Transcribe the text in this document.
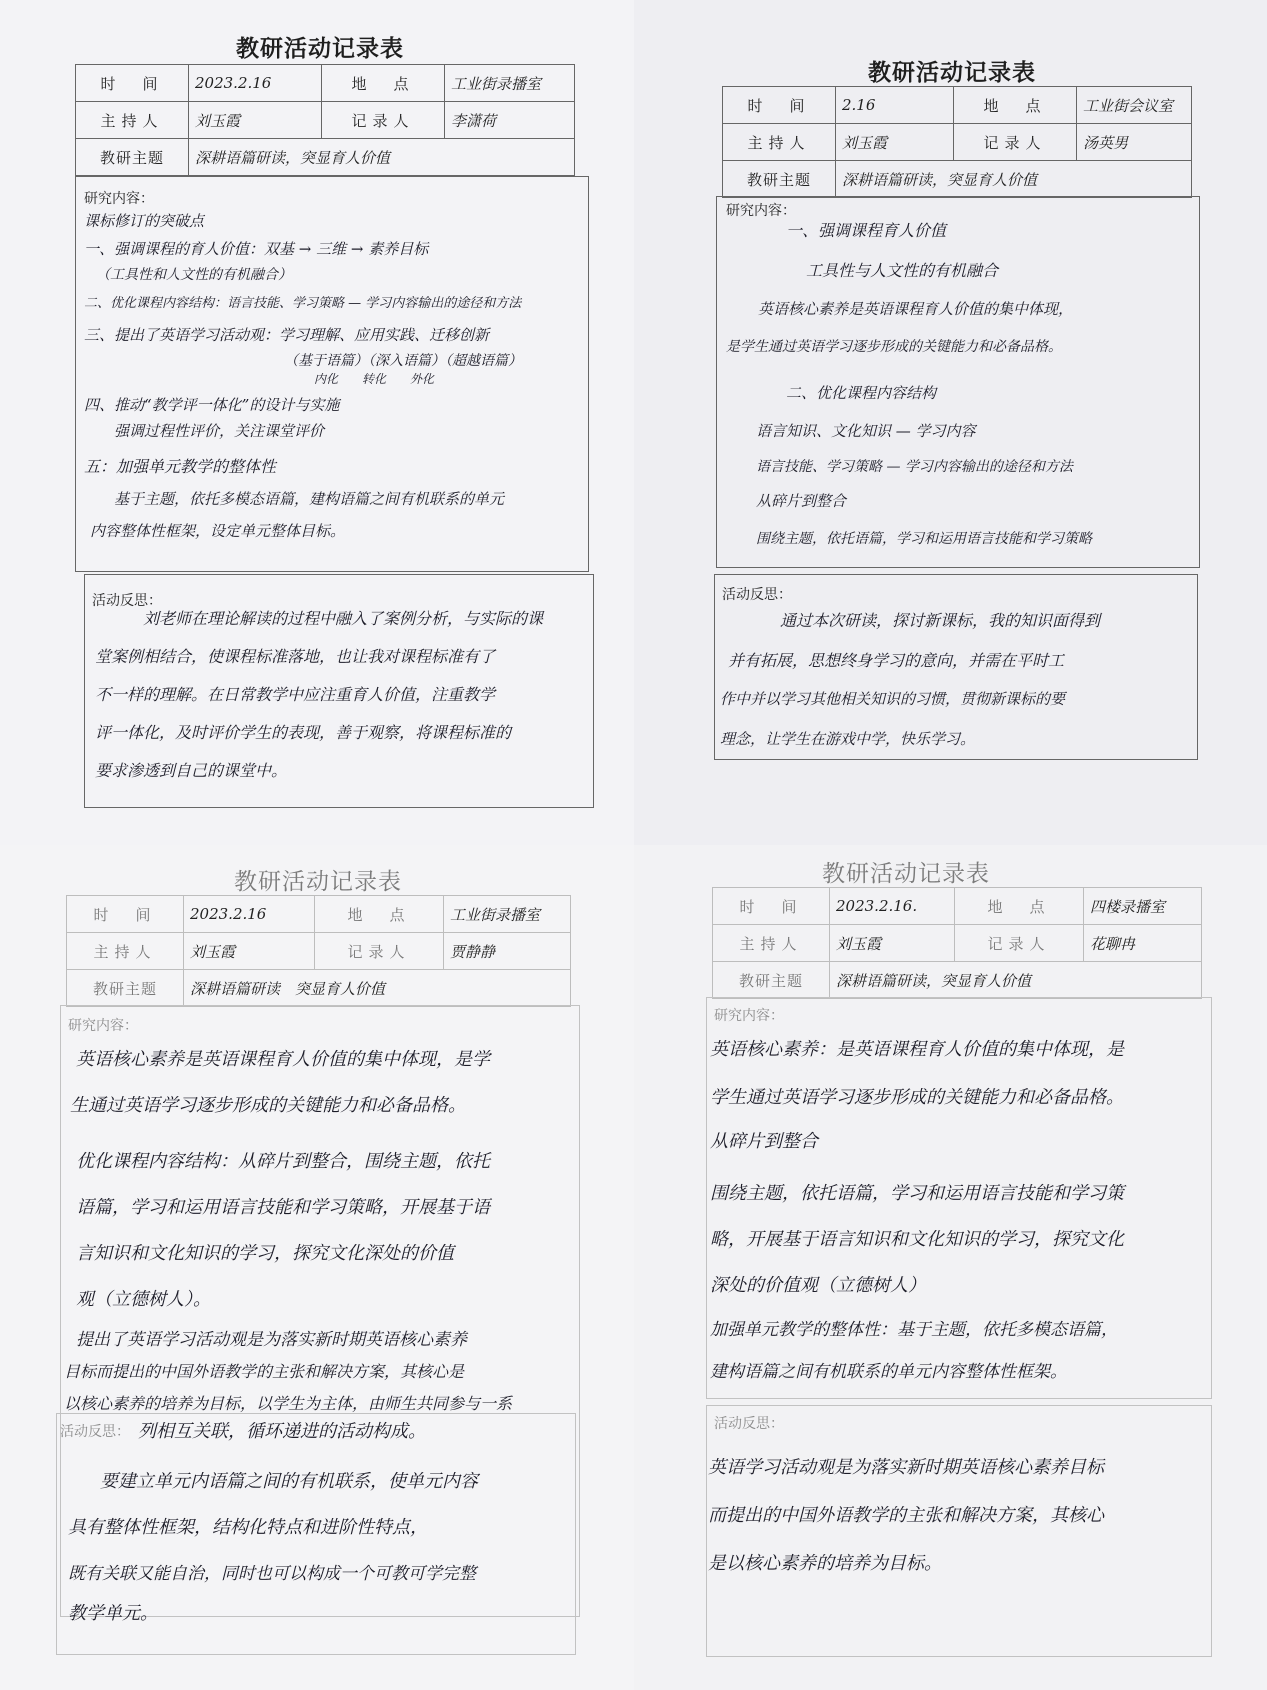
教研活动记录表
时　间	2023.2.16	地　点	工业街录播室
主持人	刘玉霞	记录人	李潇荷
教研主题	深耕语篇研读，突显育人价值		
研究内容：
课标修订的突破点
一、强调课程的育人价值：双基 → 三维 → 素养目标
（工具性和人文性的有机融合）
二、优化课程内容结构：语言技能、学习策略 — 学习内容输出的途径和方法
三、提出了英语学习活动观：学习理解、应用实践、迁移创新
（基于语篇）（深入语篇）（超越语篇）
内化　　转化　　外化
四、推动“教学评一体化”的设计与实施
强调过程性评价，关注课堂评价
五：加强单元教学的整体性
基于主题，依托多模态语篇，建构语篇之间有机联系的单元
内容整体性框架，设定单元整体目标。
活动反思：
刘老师在理论解读的过程中融入了案例分析，与实际的课
堂案例相结合，使课程标准落地，也让我对课程标准有了
不一样的理解。在日常教学中应注重育人价值，注重教学
评一体化，及时评价学生的表现，善于观察，将课程标准的
要求渗透到自己的课堂中。
教研活动记录表
时　间	2.16	地　点	工业街会议室
主持人	刘玉霞	记录人	汤英男
教研主题	深耕语篇研读，突显育人价值		
研究内容：
一、强调课程育人价值
工具性与人文性的有机融合
英语核心素养是英语课程育人价值的集中体现，
是学生通过英语学习逐步形成的关键能力和必备品格。
二、优化课程内容结构
语言知识、文化知识 — 学习内容
语言技能、学习策略 — 学习内容输出的途径和方法
从碎片到整合
围绕主题，依托语篇，学习和运用语言技能和学习策略
活动反思：
通过本次研读，探讨新课标，我的知识面得到
并有拓展，思想终身学习的意向，并需在平时工
作中并以学习其他相关知识的习惯，贯彻新课标的要
理念，让学生在游戏中学，快乐学习。
教研活动记录表
时　间	2023.2.16	地　点	工业街录播室
主持人	刘玉霞	记录人	贾静静
教研主题	深耕语篇研读　突显育人价值		
研究内容：
英语核心素养是英语课程育人价值的集中体现，是学
生通过英语学习逐步形成的关键能力和必备品格。
优化课程内容结构：从碎片到整合，围绕主题，依托
语篇，学习和运用语言技能和学习策略，开展基于语
言知识和文化知识的学习，探究文化深处的价值
观（立德树人）。
提出了英语学习活动观是为落实新时期英语核心素养
目标而提出的中国外语教学的主张和解决方案，其核心是
以核心素养的培养为目标，以学生为主体，由师生共同参与一系
活动反思： 列相互关联，循环递进的活动构成。
要建立单元内语篇之间的有机联系，使单元内容
具有整体性框架，结构化特点和进阶性特点，
既有关联又能自治，同时也可以构成一个可教可学完整
教学单元。
教研活动记录表
时　间	2023.2.16.	地　点	四楼录播室
主持人	刘玉霞	记录人	花聊冉
教研主题	深耕语篇研读，突显育人价值		
研究内容：
英语核心素养：是英语课程育人价值的集中体现，是
学生通过英语学习逐步形成的关键能力和必备品格。
从碎片到整合
围绕主题，依托语篇，学习和运用语言技能和学习策
略，开展基于语言知识和文化知识的学习，探究文化
深处的价值观（立德树人）
加强单元教学的整体性：基于主题，依托多模态语篇，
建构语篇之间有机联系的单元内容整体性框架。
活动反思：
英语学习活动观是为落实新时期英语核心素养目标
而提出的中国外语教学的主张和解决方案，其核心
是以核心素养的培养为目标。
